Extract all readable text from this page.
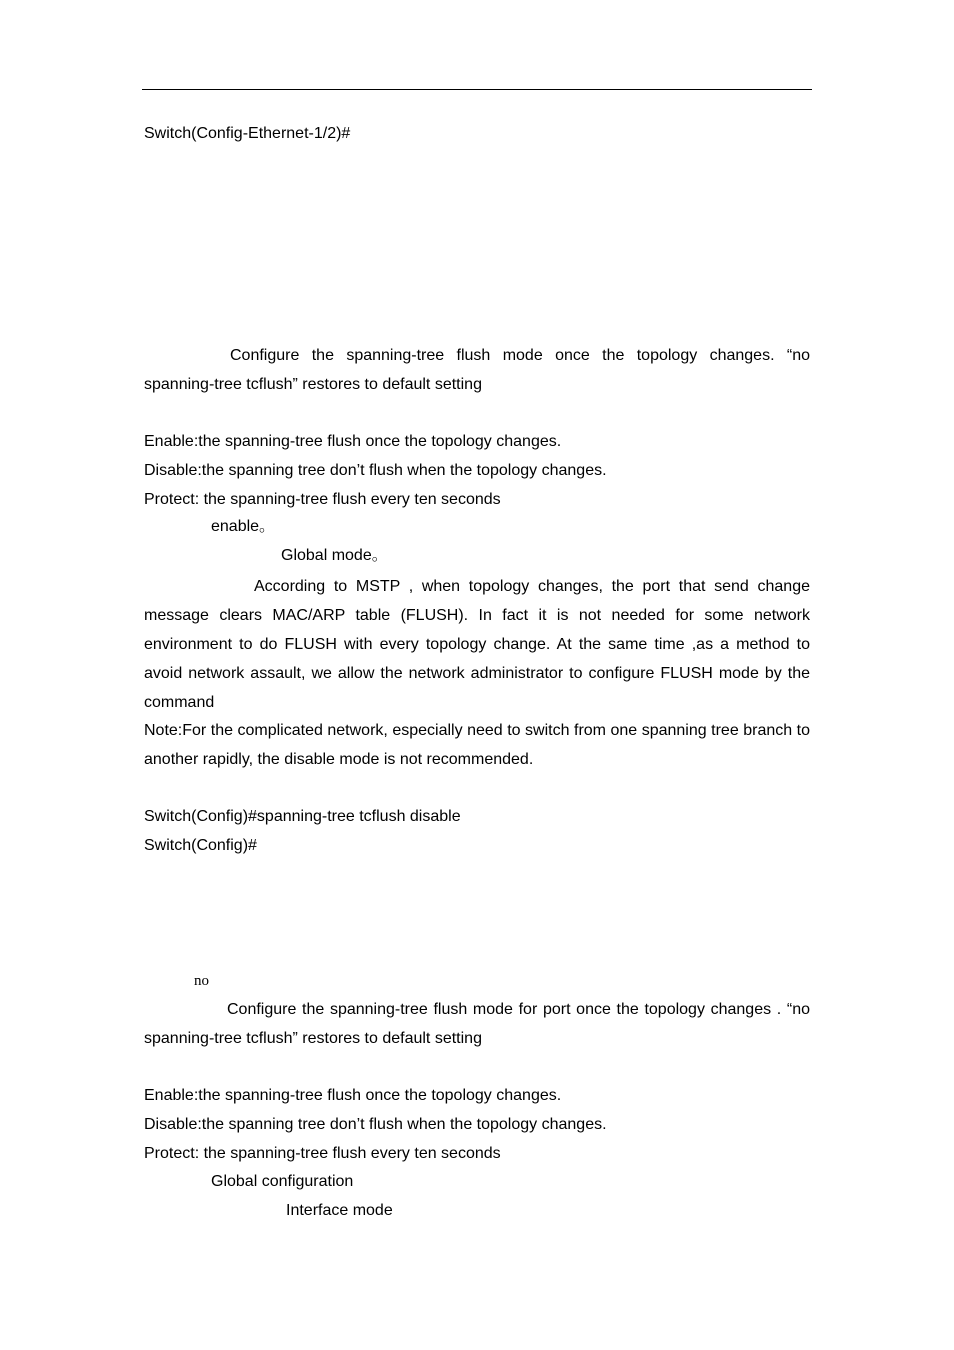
Switch(Config-Ethernet-1/2)#
Configure the spanning-tree flush mode once the topology changes. “no spanning-tree tcflush” restores to default setting
Enable:the spanning-tree flush once the topology changes.
Disable:the spanning tree don’t flush when the topology changes.
Protect: the spanning-tree flush every ten seconds
enable。
Global mode。
According to MSTP , when topology changes, the port that send change message clears MAC/ARP table (FLUSH). In fact it is not needed for some network environment to do FLUSH with every topology change. At the same time ,as a method to avoid network assault, we allow the network administrator to configure FLUSH mode by the command
Note:For the complicated network, especially need to switch from one spanning tree branch to another rapidly, the disable mode is not recommended.
Switch(Config)#spanning-tree tcflush disable
Switch(Config)#
no
Configure the spanning-tree flush mode for port once the topology changes . “no spanning-tree tcflush” restores to default setting
Enable:the spanning-tree flush once the topology changes.
Disable:the spanning tree don’t flush when the topology changes.
Protect: the spanning-tree flush every ten seconds
Global configuration
Interface mode
